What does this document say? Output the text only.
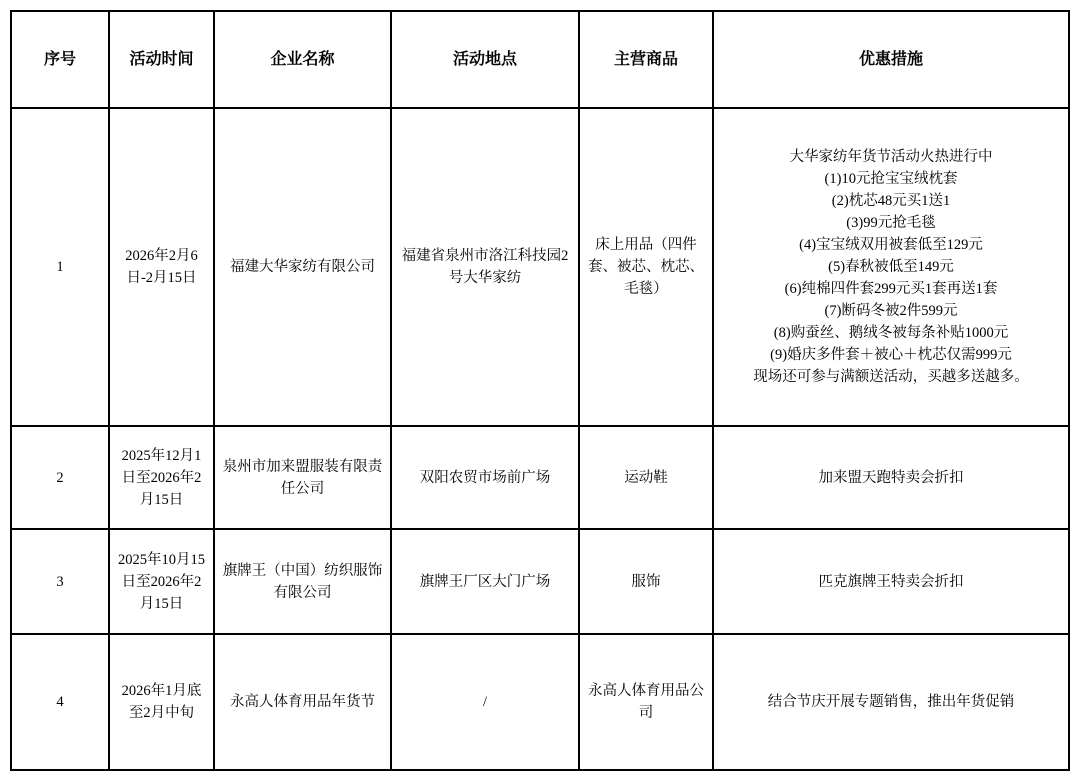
序号	活动时间	企业名称	活动地点	主营商品	优惠措施
1	2026年2月6日-2月15日	福建大华家纺有限公司	福建省泉州市洛江科技园2号大华家纺	床上用品（四件套、被芯、枕芯、毛毯）	大华家纺年货节活动火热进行中
(1)10元抢宝宝绒枕套
(2)枕芯48元买1送1
(3)99元抢毛毯
(4)宝宝绒双用被套低至129元
(5)春秋被低至149元
(6)纯棉四件套299元买1套再送1套
(7)断码冬被2件599元
(8)购蚕丝、鹅绒冬被每条补贴1000元
(9)婚庆多件套＋被心＋枕芯仅需999元
现场还可参与满额送活动，买越多送越多。
2	2025年12月1日至2026年2月15日	泉州市加来盟服装有限责任公司	双阳农贸市场前广场	运动鞋	加来盟天跑特卖会折扣
3	2025年10月15日至2026年2月15日	旗牌王（中国）纺织服饰有限公司	旗牌王厂区大门广场	服饰	匹克旗牌王特卖会折扣
4	2026年1月底至2月中旬	永高人体育用品年货节	/	永高人体育用品公司	结合节庆开展专题销售，推出年货促销
